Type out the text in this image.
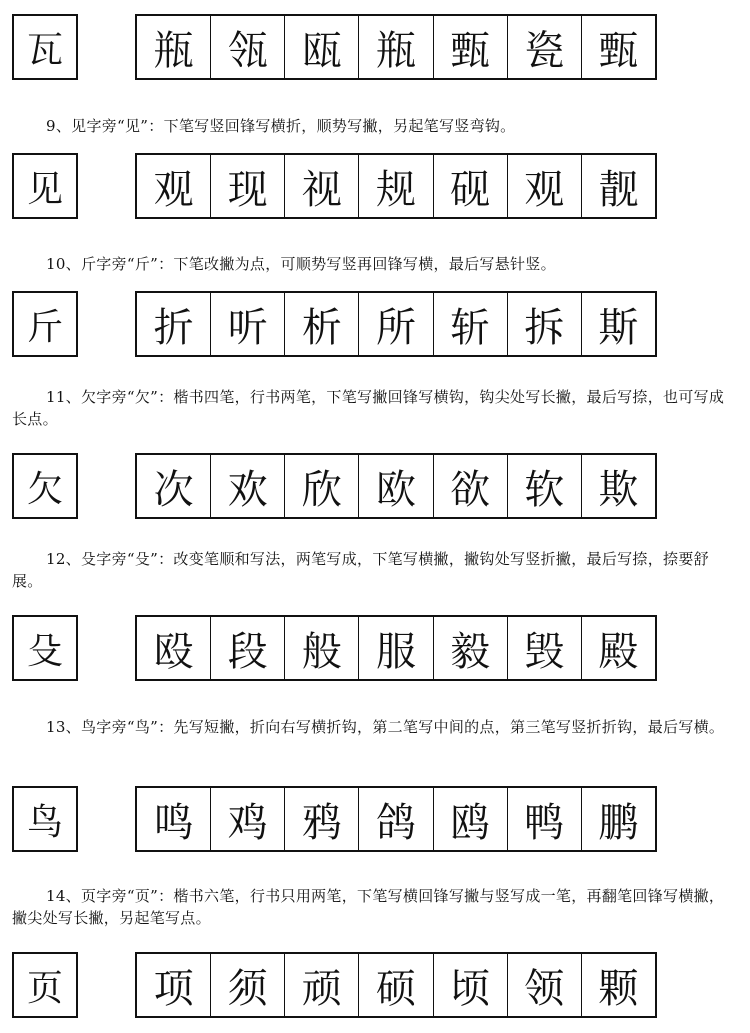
瓦	瓶 瓴 瓯 瓶 甄 瓷 甄

9、见字旁“见”：下笔写竖回锋写横折，顺势写撇，另起笔写竖弯钩。

见	观 现 视 规 砚 观 靓

10、斤字旁“斤”：下笔改撇为点，可顺势写竖再回锋写横，最后写悬针竖。

斤	折 听 析 所 斩 拆 斯

11、欠字旁“欠”：楷书四笔，行书两笔，下笔写撇回锋写横钩，钩尖处写长撇，最后写捺，也可写成长点。

欠	次 欢 欣 欧 欲 软 欺

12、殳字旁“殳”：改变笔顺和写法，两笔写成，下笔写横撇，撇钩处写竖折撇，最后写捺，捺要舒展。

殳	殴 段 般 服 毅 毁 殿

13、鸟字旁“鸟”：先写短撇，折向右写横折钩，第二笔写中间的点，第三笔写竖折折钩，最后写横。

鸟	鸣 鸡 鸦 鸽 鸥 鸭 鹏

14、页字旁“页”：楷书六笔，行书只用两笔，下笔写横回锋写撇与竖写成一笔，再翻笔回锋写横撇，撇尖处写长撇，另起笔写点。

页	项 须 顽 硕 顷 领 颗
